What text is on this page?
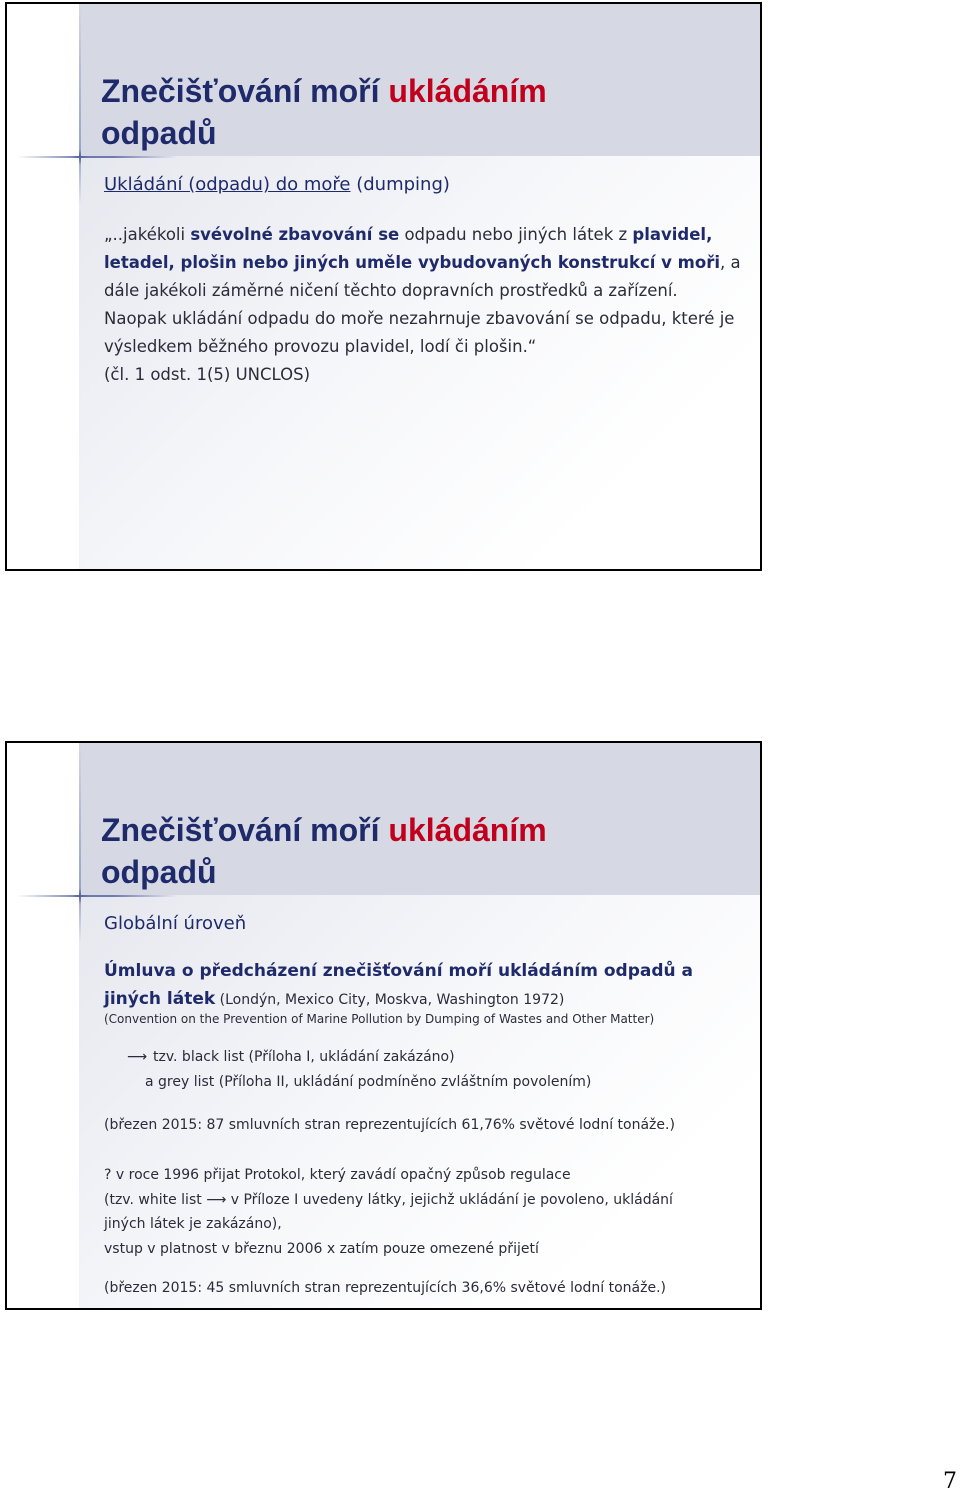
Znečišťování moří ukládáním
odpadů
Ukládání (odpadu) do moře (dumping)
„..jakékoli svévolné zbavování se odpadu nebo jiných látek z plavidel, letadel, plošin nebo jiných uměle vybudovaných konstrukcí v moři, a dále jakékoli záměrné ničení těchto dopravních prostředků a zařízení. Naopak ukládání odpadu do moře nezahrnuje zbavování se odpadu, které je výsledkem běžného provozu plavidel, lodí či plošin.“
(čl. 1 odst. 1(5) UNCLOS)
Znečišťování moří ukládáním
odpadů
Globální úroveň
Úmluva o předcházení znečišťování moří ukládáním odpadů a jiných látek (Londýn, Mexico City, Moskva, Washington 1972)
(Convention on the Prevention of Marine Pollution by Dumping of Wastes and Other Matter)
⟶ tzv. black list (Příloha I, ukládání zakázáno)
a grey list (Příloha II, ukládání podmíněno zvláštním povolením)
(březen 2015: 87 smluvních stran reprezentujících 61,76% světové lodní tonáže.)
? v roce 1996 přijat Protokol, který zavádí opačný způsob regulace
(tzv. white list ⟶ v Příloze I uvedeny látky, jejichž ukládání je povoleno, ukládání
jiných látek je zakázáno),
vstup v platnost v březnu 2006 x zatím pouze omezené přijetí
(březen 2015: 45 smluvních stran reprezentujících 36,6% světové lodní tonáže.)
7
